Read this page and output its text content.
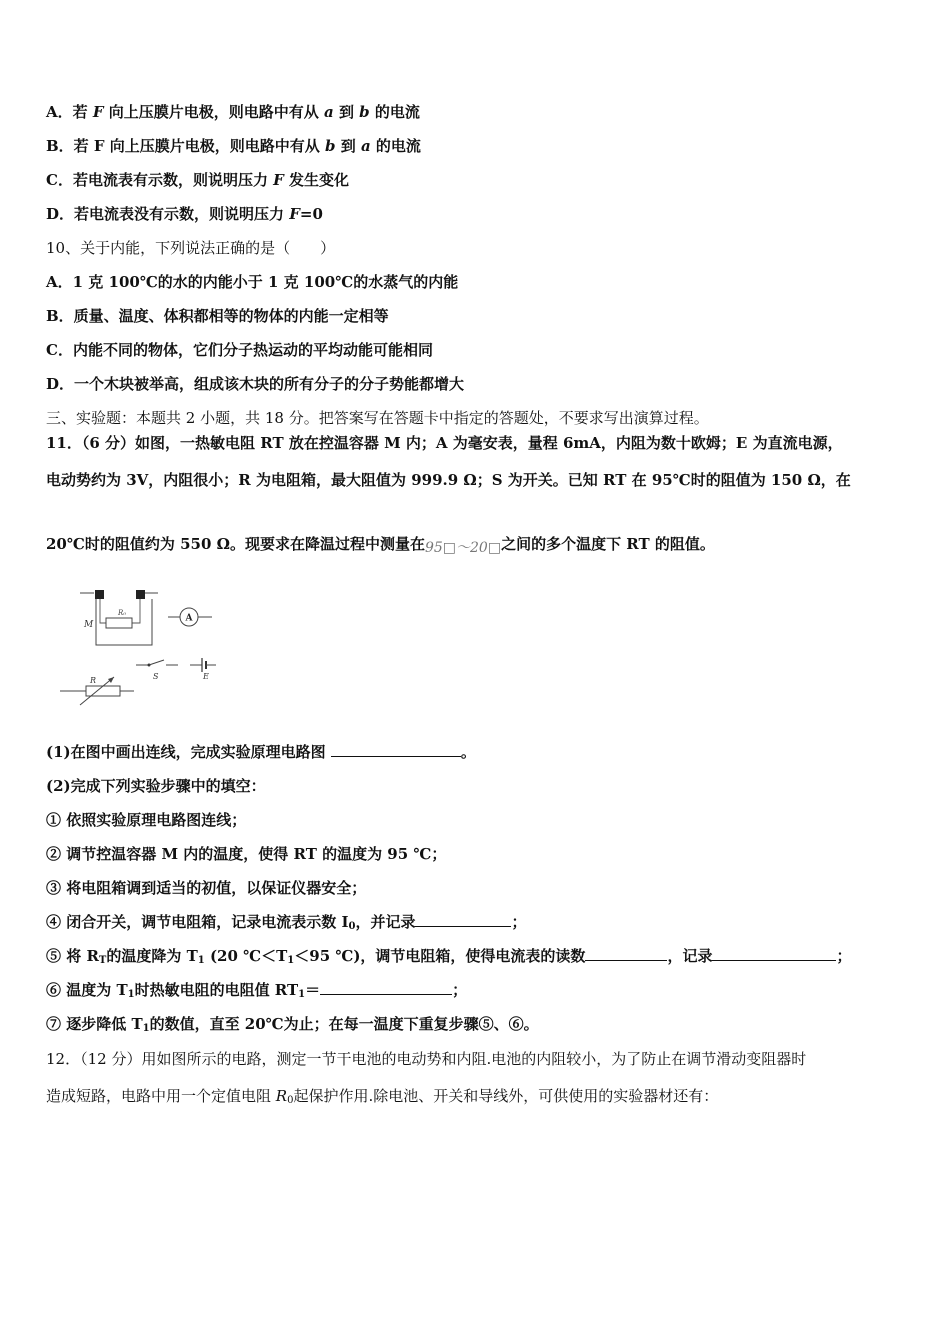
A．若 F 向上压膜片电极，则电路中有从 a 到 b 的电流
B．若 F 向上压膜片电极，则电路中有从 b 到 a 的电流
C．若电流表有示数，则说明压力 F 发生变化
D．若电流表没有示数，则说明压力 F=0
10、关于内能，下列说法正确的是（　　）
A．1 克 100℃的水的内能小于 1 克 100℃的水蒸气的内能
B．质量、温度、体积都相等的物体的内能一定相等
C．内能不同的物体，它们分子热运动的平均动能可能相同
D．一个木块被举高，组成该木块的所有分子的分子势能都增大
三、实验题：本题共 2 小题，共 18 分。把答案写在答题卡中指定的答题处，不要求写出演算过程。
11．（6 分）如图，一热敏电阻 RT 放在控温容器 M 内；A 为毫安表，量程 6mA，内阻为数十欧姆；E 为直流电源，
电动势约为 3V，内阻很小；R 为电阻箱，最大阻值为 999.9 Ω；S 为开关。已知 RT 在 95℃时的阻值为 150 Ω，在
20℃时的阻值约为 550 Ω。现要求在降温过程中测量在95□～20□之间的多个温度下 RT 的阻值。
R₀
M
A
S	E
R
(1)在图中画出连线，完成实验原理电路图	。
(2)完成下列实验步骤中的填空：
① 依照实验原理电路图连线；
② 调节控温容器 M 内的温度，使得 RT 的温度为 95 ℃；
③ 将电阻箱调到适当的初值，以保证仪器安全；
④ 闭合开关，调节电阻箱，记录电流表示数 $I_0$，并记录	；
⑤ 将 $R_T$的温度降为 $T_1$ (20 $℃<T_1<95$ ℃)，调节电阻箱，使得电流表的读数	，记录	；
⑥ 温度为 $T_1$时热敏电阻的电阻值 $RT_1=$	；
⑦ 逐步降低 $T_1$的数值，直至 20℃为止；在每一温度下重复步骤⑤、⑥。
12．（12 分）用如图所示的电路，测定一节干电池的电动势和内阻.电池的内阻较小，为了防止在调节滑动变阻器时
造成短路，电路中用一个定值电阻 $R_0$起保护作用.除电池、开关和导线外，可供使用的实验器材还有：
